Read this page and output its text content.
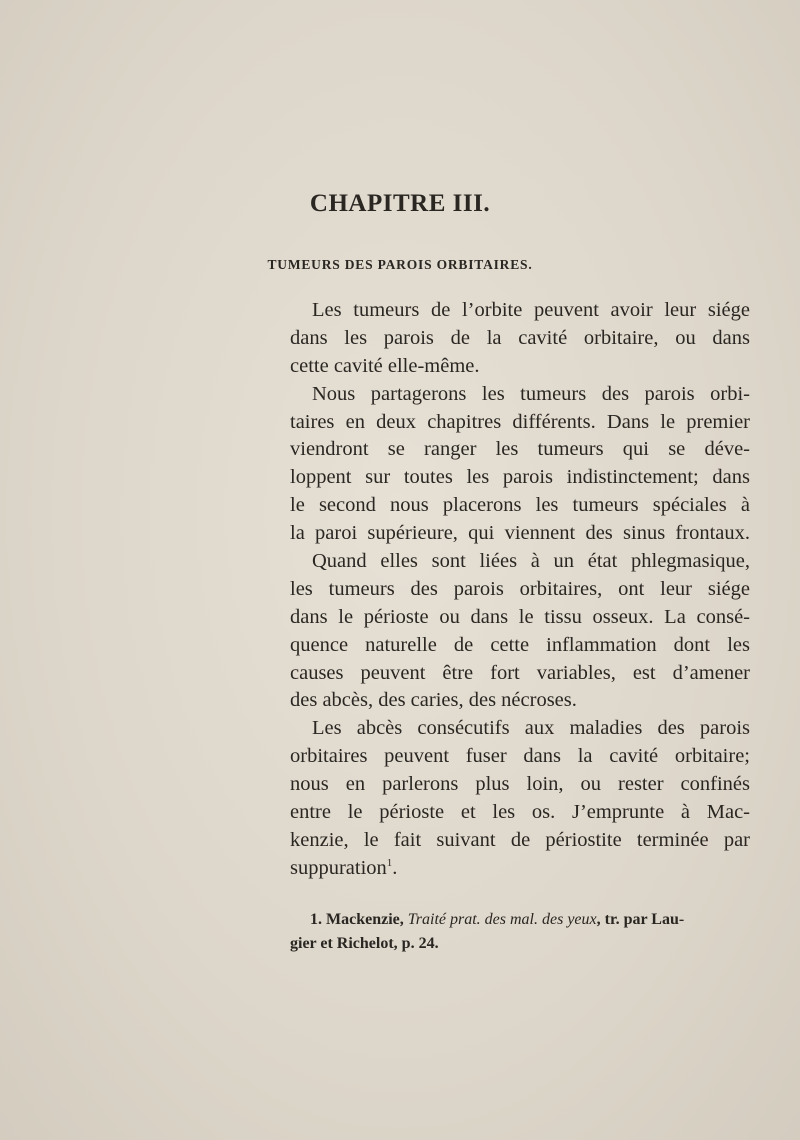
CHAPITRE III.
TUMEURS DES PAROIS ORBITAIRES.
Les tumeurs de l’orbite peuvent avoir leur siége
dans les parois de la cavité orbitaire, ou dans
cette cavité elle-même.
Nous partagerons les tumeurs des parois orbi-
taires en deux chapitres différents. Dans le premier
viendront se ranger les tumeurs qui se déve-
loppent sur toutes les parois indistinctement; dans
le second nous placerons les tumeurs spéciales à
la paroi supérieure, qui viennent des sinus frontaux.
Quand elles sont liées à un état phlegmasique,
les tumeurs des parois orbitaires, ont leur siége
dans le périoste ou dans le tissu osseux. La consé-
quence naturelle de cette inflammation dont les
causes peuvent être fort variables, est d’amener
des abcès, des caries, des nécroses.
Les abcès consécutifs aux maladies des parois
orbitaires peuvent fuser dans la cavité orbitaire;
nous en parlerons plus loin, ou rester confinés
entre le périoste et les os. J’emprunte à Mac-
kenzie, le fait suivant de périostite terminée par
suppuration$^1$.
1. Mackenzie, Traité prat. des mal. des yeux, tr. par Lau-
gier et Richelot, p. 24.
